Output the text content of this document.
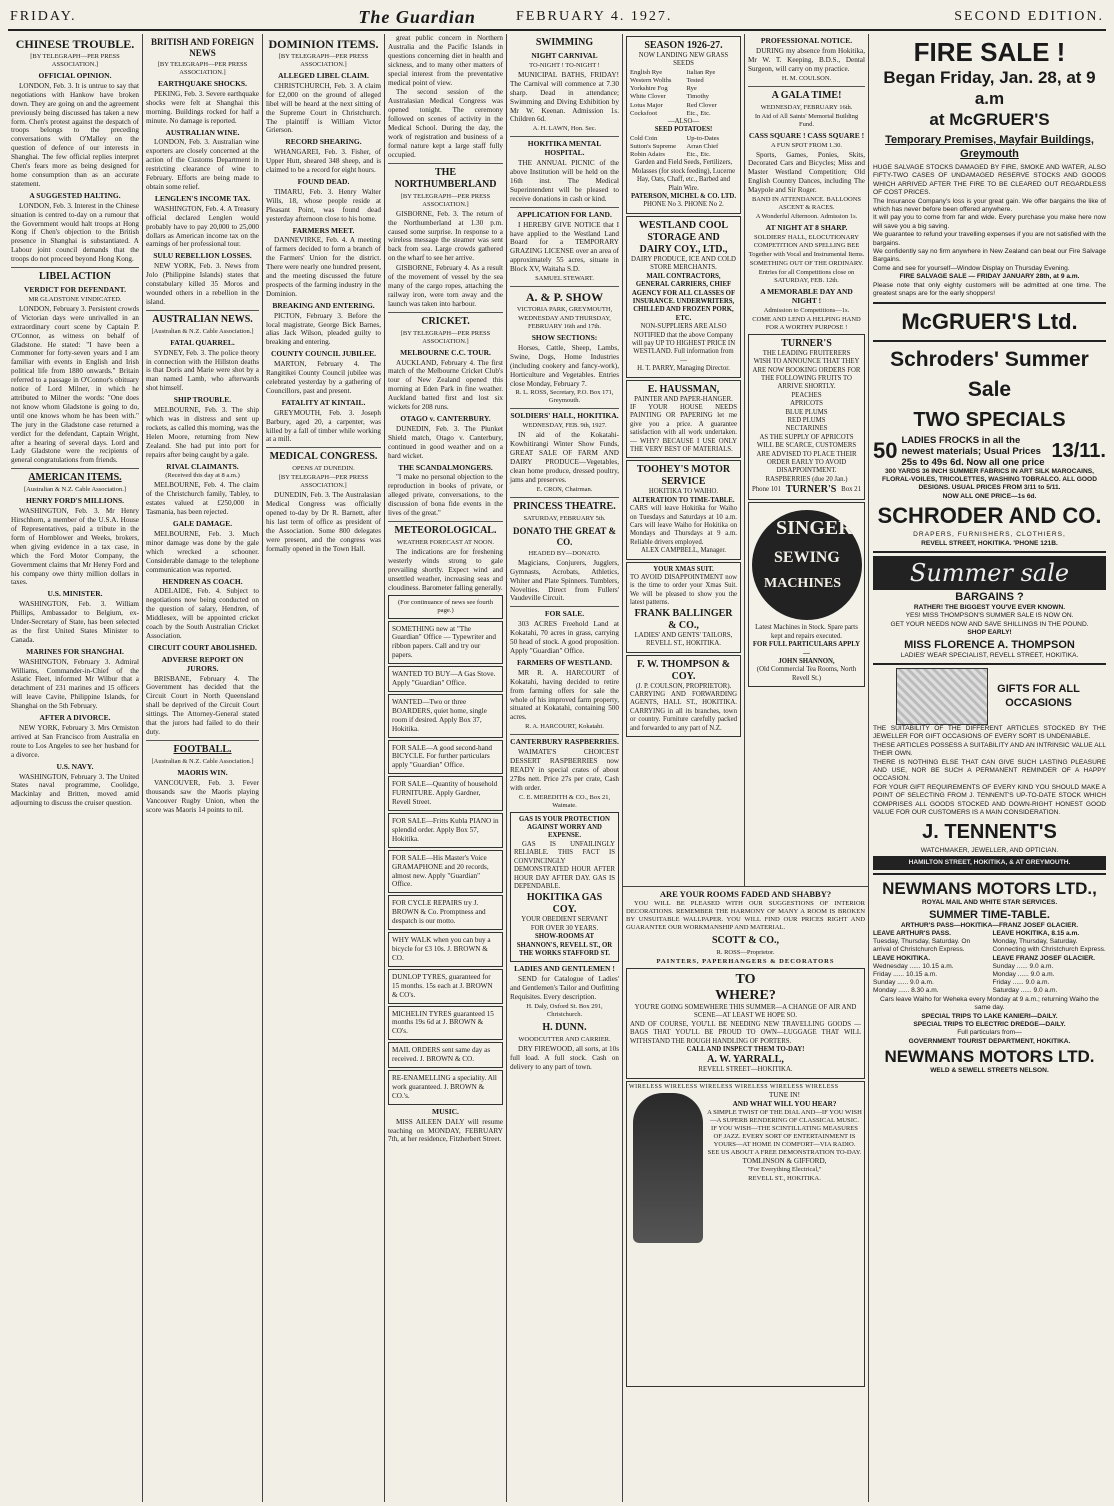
FRIDAY.	The Guardian	FEBRUARY 4. 1927.	SECOND EDITION.
CHINESE TROUBLE.
[BY TELEGRAPH—PER PRESS ASSOCIATION.]
OFFICIAL OPINION.

LONDON, Feb. 3. It is untrue to say that negotiations with Hankow have broken down. They are going on and the agreement previously being discussed has taken a new form. Chen's protest against the despatch of troops belongs to the preceding conversations with O'Malley on the question of defence of our interests in Shanghai. The few official replies interpret Chen's fears more as being designed for home consumption than as an accurate statement.

A SUGGESTED HALTING.

LONDON, Feb. 3. Interest in the Chinese situation is centred to-day on a rumour that the Government would halt troops at Hong Kong if Chen's objection to the British presence in Shanghai is substantiated. A Labour joint council demands that the troops do not proceed beyond Hong Kong.

LIBEL ACTION
VERDICT FOR DEFENDANT.
MR GLADSTONE VINDICATED.

LONDON, February 3. Persistent crowds of Victorian days were unrivalled in an extraordinary court scene by Captain P. O'Connor, as witness on behalf of Gladstone. He stated: "I have been a Commoner for forty-seven years and I am familiar with events in English and Irish political life from 1880 onwards." Britain referred to a passage in O'Connor's obituary notice of Lord Milner, in which he attributed to Milner the words: "One does not know whom Gladstone is going to do, until one knows whom he has been with." The jury in the Gladstone case returned a verdict for the defendant, Captain Wright, after a hearing of several days. Lord and Lady Gladstone were the recipients of general congratulations from friends.

AMERICAN ITEMS.
[Australian & N.Z. Cable Association.]
HENRY FORD'S MILLIONS.

WASHINGTON, Feb. 3. Mr Henry Hirschhorn, a member of the U.S.A. House of Representatives, paid a tribute in the form of Hornblower and Weeks, brokers, when giving evidence in a tax case, in which the Ford Motor Company, the Government claims that Mr Henry Ford and his company owe thirty million dollars in taxes.

U.S. MINISTER.

WASHINGTON, Feb. 3. William Phillips, Ambassador to Belgium, ex-Under-Secretary of State, has been selected as the first United States Minister to Canada.

MARINES FOR SHANGHAI.

WASHINGTON, February 3. Admiral Williams, Commander-in-Chief of the Asiatic Fleet, informed Mr Wilbur that a detachment of 231 marines and 15 officers will leave Cavite, Philippine Islands, for Shanghai on the 5th February.

AFTER A DIVORCE.

NEW YORK, February 3. Mrs Ormiston arrived at San Francisco from Australia en route to Los Angeles to see her husband for a divorce.

U.S. NAVY.

WASHINGTON, February 3. The United States naval programme, Coolidge, Mackinlay and Britten, moved amid adjourning to discuss the cruiser question.

BRITISH AND FOREIGN NEWS
[BY TELEGRAPH—PER PRESS ASSOCIATION.]
EARTHQUAKE SHOCKS.

PEKING, Feb. 3. Severe earthquake shocks were felt at Shanghai this morning. Buildings rocked for half a minute. No damage is reported.

AUSTRALIAN WINE.

LONDON, Feb. 3. Australian wine exporters are closely concerned at the action of the Customs Department in restricting clearance of wine to February. Efforts are being made to obtain some relief.

LENGLEN'S INCOME TAX.

WASHINGTON, Feb. 4. A Treasury official declared Lenglen would probably have to pay 20,000 to 25,000 dollars as American income tax on the earnings of her professional tour.

SULU REBELLION LOSSES.

NEW YORK, Feb. 3. News from Jolo (Philippine Islands) states that constabulary killed 35 Moros and wounded others in a rebellion in the island.

AUSTRALIAN NEWS.
[Australian & N.Z. Cable Association.]
FATAL QUARREL.

SYDNEY, Feb. 3. The police theory in connection with the Hillston deaths is that Doris and Marie were shot by a man named Lamb, who afterwards shot himself.

SHIP TROUBLE.

MELBOURNE, Feb. 3. The ship which was in distress and sent up rockets, as called this morning, was the Helen Moore, returning from New Zealand. She had put into port for repairs after being caught by a gale.

RIVAL CLAIMANTS.
(Received this day at 8 a.m.)

MELBOURNE, Feb. 4. The claim of the Christchurch family, Tabley, to estates valued at £250,000 in Tasmania, has been rejected.

GALE DAMAGE.

MELBOURNE, Feb. 3. Much minor damage was done by the gale which wrecked a schooner. Considerable damage to the telephone communication was reported.

HENDREN AS COACH.

ADELAIDE, Feb. 4. Subject to negotiations now being conducted on the question of salary, Hendren, of Middlesex, will be appointed cricket coach by the South Australian Cricket Association.

CIRCUIT COURT ABOLISHED.
ADVERSE REPORT ON JURORS.

BRISBANE, February 4. The Government has decided that the Circuit Court in North Queensland shall be deprived of the Circuit Court sittings. The Attorney-General stated that the jurors had failed to do their duty.

FOOTBALL.
[Australian & N.Z. Cable Association.]
MAORIS WIN.

VANCOUVER, Feb. 3. Fever thousands saw the Maoris playing Vancouver Rugby Union, when the score was Maoris 14 points to nil.

DOMINION ITEMS.
[BY TELEGRAPH—PER PRESS ASSOCIATION.]
ALLEGED LIBEL CLAIM.

CHRISTCHURCH, Feb. 3. A claim for £2,000 on the ground of alleged libel will be heard at the next sitting of the Supreme Court in Christchurch. The plaintiff is William Victor Grierson.

RECORD SHEARING.

WHANGAREI, Feb. 3. Fisher, of Upper Hutt, sheared 348 sheep, and is claimed to be a record for eight hours.

FOUND DEAD.

TIMARU, Feb. 3. Henry Walter Wills, 18, whose people reside at Pleasant Point, was found dead yesterday afternoon close to his home.

FARMERS MEET.

DANNEVIRKE, Feb. 4. A meeting of farmers decided to form a branch of the Farmers' Union for the district. There were nearly one hundred present, and the meeting discussed the future prospects of the farming industry in the Dominion.

BREAKING AND ENTERING.

PICTON, February 3. Before the local magistrate, George Bick Barnes, alias Jack Wilson, pleaded guilty to breaking and entering.

COUNTY COUNCIL JUBILEE.

MARTON, February 4. The Rangitikei County Council jubilee was celebrated yesterday by a gathering of Councillors, past and present.

FATALITY AT KINTAIL.

GREYMOUTH, Feb. 3. Joseph Barbury, aged 20, a carpenter, was killed by a fall of timber while working at a mill.

MEDICAL CONGRESS.
OPENS AT DUNEDIN.
[BY TELEGRAPH—PER PRESS ASSOCIATION.]

DUNEDIN, Feb. 3. The Australasian Medical Congress was officially opened to-day by Dr R. Barnett, after his last term of office as president of the Association. Some 800 delegates were present, and the congress was formally opened in the Town Hall.

great public concern in Northern Australia and the Pacific Islands in questions concerning diet in health and sickness, and to many other matters of special interest from the preventative medical point of view.

The second session of the Australasian Medical Congress was opened tonight. The ceremony followed on scenes of activity in the Medical School. During the day, the work of registration and business of a formal nature kept a large staff fully occupied.

THE NORTHUMBERLAND
[BY TELEGRAPH—PER PRESS ASSOCIATION.]

GISBORNE, Feb. 3. The return of the Northumberland at 1.30 p.m. caused some surprise. In response to a wireless message the steamer was sent back from sea. Large crowds gathered on the wharf to see her arrive.

GISBORNE, February 4. As a result of the movement of vessel by the sea many of the cargo ropes, attaching the railway iron, were torn away and the launch was taken into harbour.

CRICKET.
[BY TELEGRAPH—PER PRESS ASSOCIATION.]
MELBOURNE C.C. TOUR.

AUCKLAND, February 4. The first match of the Melbourne Cricket Club's tour of New Zealand opened this morning at Eden Park in fine weather. Auckland batted first and lost six wickets for 208 runs.

OTAGO v. CANTERBURY.

DUNEDIN, Feb. 3. The Plunket Shield match, Otago v. Canterbury, continued in good weather and on a hard wicket.

THE SCANDALMONGERS.

"I make no personal objection to the reproduction in books of private, or alleged private, conversations, to the discussion of bona fide events in the lives of the great."

METEOROLOGICAL.
WEATHER FORECAST AT NOON.

The indications are for freshening westerly winds strong to gale prevailing shortly. Expect wind and unsettled weather, increasing seas and cloudiness. Barometer falling generally.

(For continuance of news see fourth page.)
SOMETHING new at "The Guardian" Office — Typewriter and ribbon papers. Call and try our papers.
WANTED TO BUY—A Gas Stove. Apply "Guardian" Office.
WANTED—Two or three BOARDERS, quiet home, single room if desired. Apply Box 37, Hokitika.
FOR SALE—A good second-hand BICYCLE. For further particulars apply "Guardian" Office.
FOR SALE—Quantity of household FURNITURE. Apply Gardner, Revell Street.
FOR SALE—Fritts Kubla PIANO in splendid order. Apply Box 57, Hokitika.
FOR SALE—His Master's Voice GRAMAPHONE and 20 records, almost new. Apply "Guardian" Office.
FOR CYCLE REPAIRS try J. BROWN & Co. Promptness and despatch is our motto.
WHY WALK when you can buy a bicycle for £3 10s. J. BROWN & CO.
DUNLOP TYRES, guaranteed for 15 months. 15s each at J. BROWN & CO's.
MICHELIN TYRES guaranteed 15 months 19s 6d at J. BROWN & CO's.
MAIL ORDERS sent same day as received. J. BROWN & CO.
RE-ENAMELLING a speciality. All work guaranteed. J. BROWN & CO.'s.
MUSIC.

MISS AILEEN DALY will resume teaching on MONDAY, FEBRUARY 7th, at her residence, Fitzherbert Street.

SWIMMING
NIGHT CARNIVAL
TO-NIGHT ! TO-NIGHT !

MUNICIPAL BATHS, FRIDAY! The Carnival will commence at 7.30 sharp. Dead in attendance; Swimming and Diving Exhibition by Mr W. Keenan. Admission 1s. Children 6d.

A. H. LAWN, Hon. Sec.
HOKITIKA MENTAL HOSPITAL.

THE ANNUAL PICNIC of the above Institution will be held on the 16th inst. The Medical Superintendent will be pleased to receive donations in cash or kind.

APPLICATION FOR LAND.

I HEREBY GIVE NOTICE that I have applied to the Westland Land Board for a TEMPORARY GRAZING LICENSE over an area of approximately 55 acres, situate in Block XV, Waitaha S.D.

SAMUEL STEWART.
A. & P. SHOW
VICTORIA PARK, GREYMOUTH,
WEDNESDAY AND THURSDAY, FEBRUARY 16th and 17th.
SHOW SECTIONS:

Horses, Cattle, Sheep, Lambs, Swine, Dogs, Home Industries (including cookery and fancy-work), Horticulture and Vegetables. Entries close Monday, February 7.

R. L. ROSS, Secretary, P.O. Box 171, Greymouth.
SOLDIERS' HALL, HOKITIKA.
WEDNESDAY, FEB. 9th, 1927.

IN aid of the Kokatahi-Kowhitirangi Winter Show Funds, GREAT SALE OF FARM AND DAIRY PRODUCE—Vegetables, clean home produce, dressed poultry, jams and preserves.

E. CRON, Chairman.
PRINCESS THEATRE.
SATURDAY, FEBRUARY 5th.
DONATO THE GREAT & CO.
HEADED BY—DONATO.

Magicians, Conjurers, Jugglers, Gymnasts, Acrobats, Athletics, Whiter and Plate Spinners. Tumblers, Novelties. Direct from Fullers' Vaudeville Circuit.

FOR SALE.

303 ACRES Freehold Land at Kokatahi, 70 acres in grass, carrying 50 head of stock. A good proposition. Apply "Guardian" Office.

FARMERS OF WESTLAND.

MR R. A. HARCOURT of Kokatahi, having decided to retire from farming offers for sale the whole of his improved farm property, situated at Kokatahi, containing 500 acres.

R. A. HARCOURT, Kokatahi.
CANTERBURY RASPBERRIES.

WAIMATE'S CHOICEST DESSERT RASPBERRIES now READY in special crates of about 27lbs nett. Price 27s per crate, Cash with order.

C. E. MEREDITH & CO., Box 21, Waimate.
GAS IS YOUR PROTECTION AGAINST WORRY AND EXPENSE.

GAS IS UNFAILINGLY RELIABLE. THIS FACT IS CONVINCINGLY DEMONSTRATED HOUR AFTER HOUR DAY AFTER DAY. GAS IS DEPENDABLE.

HOKITIKA GAS COY.
YOUR OBEDIENT SERVANT FOR OVER 30 YEARS.
SHOW-ROOMS AT SHANNON'S, REVELL ST., OR THE WORKS STAFFORD ST.
LADIES AND GENTLEMEN !

SEND for Catalogue of Ladies' and Gentlemen's Tailor and Outfitting Requisites. Every description.

H. Daly, Oxford St. Box 291, Christchurch.
H. DUNN.
WOODCUTTER AND CARRIER.

DRY FIREWOOD, all sorts, at 10s full load. A full stock. Cash on delivery to any part of town.

SEASON 1926-27.
NOW LANDING NEW GRASS SEEDS
English Rye	Italian Rye
Western Wolths	Tested
Yorkshire Fog	Rye
White Clover	Timothy
Lotus Major	Red Clover
Cocksfoot	Etc., Etc.
—ALSO—
SEED POTATOES!
Cold Coin	Up-to-Dates
Sutton's Supreme	Arran Chief
Robin Adairs	Etc., Etc.
Garden and Field Seeds, Fertilizers, Molasses (for stock feeding), Lucerne Hay, Oats, Chaff, etc., Barbed and Plain Wire.
PATERSON, MICHEL & CO. LTD.
PHONE No 3. PHONE No 2.
WESTLAND COOL STORAGE AND DAIRY COY., LTD.,
DAIRY PRODUCE, ICE AND COLD STORE MERCHANTS.
MAIL CONTRACTORS, GENERAL CARRIERS, CHIEF AGENCY FOR ALL CLASSES OF INSURANCE. UNDERWRITERS, CHILLED AND FROZEN PORK, ETC.
NON-SUPPLIERS ARE ALSO NOTIFIED that the above Company will pay UP TO HIGHEST PRICE IN WESTLAND. Full information from—
H. T. PARRY, Managing Director.
E. HAUSSMAN,
PAINTER AND PAPER-HANGER.
IF YOUR HOUSE NEEDS PAINTING OR PAPERING let me give you a price. A guarantee satisfaction with all work undertaken. — WHY? BECAUSE I USE ONLY THE VERY BEST OF MATERIALS.
TOOHEY'S MOTOR SERVICE
HOKITIKA TO WAIHO.
ALTERATION TO TIME-TABLE.
CARS will leave Hokitika for Waiho on Tuesdays and Saturdays at 10 a.m. Cars will leave Waiho for Hokitika on Mondays and Thursdays at 9 a.m. Reliable drivers employed.
ALEX CAMPBELL, Manager.
YOUR XMAS SUIT.
TO AVOID DISAPPOINTMENT now is the time to order your Xmas Suit. We will be pleased to show you the latest patterns.
FRANK BALLINGER & CO.,
LADIES' AND GENTS' TAILORS, REVELL ST., HOKITIKA.
F. W. THOMPSON & COY.
(J. P. COULSON, PROPRIETOR).
CARRYING AND FORWARDING AGENTS, HALL ST., HOKITIKA. CARRYING in all its branches, town or country. Furniture carefully packed and forwarded to any part of N.Z.
PROFESSIONAL NOTICE.

DURING my absence from Hokitika, Mr W. T. Keeping, B.D.S., Dental Surgeon, will carry on my practice.

H. M. COULSON.
A GALA TIME!
WEDNESDAY, FEBRUARY 16th.
In Aid of All Saints' Memorial Building Fund.
CASS SQUARE ! CASS SQUARE !
A FUN SPOT FROM 1.30.

Sports, Games, Ponies, Skits, Decorated Cars and Bicycles; Miss and Master Westland Competition; Old English Country Dances, including The Maypole and Sir Roger.

BAND IN ATTENDANCE. BALLOONS ASCENT & RACES.
A Wonderful Afternoon. Admission 1s.
AT NIGHT AT 8 SHARP.
SOLDIERS' HALL, ELOCUTIONARY COMPETITION AND SPELLING BEE
Together with Vocal and Instrumental Items.
SOMETHING OUT OF THE ORDINARY.
Entries for all Competitions close on SATURDAY, FEB. 12th.
A MEMORABLE DAY AND NIGHT !
Admission to Competitions—1s.
COME AND LEND A HELPING HAND FOR A WORTHY PURPOSE !
TURNER'S
THE LEADING FRUITERERS
WISH TO ANNOUNCE THAT THEY ARE NOW BOOKING ORDERS FOR THE FOLLOWING FRUITS TO ARRIVE SHORTLY.
PEACHES
APRICOTS
BLUE PLUMS
RED PLUMS
NECTARINES
AS THE SUPPLY OF APRICOTS WILL BE SCARCE, CUSTOMERS ARE ADVISED TO PLACE THEIR ORDER EARLY TO AVOID DISAPPOINTMENT.
RASPBERRIES (due 20 Jan.)
Phone 101 TURNER'S Box 21
SINGER
SEWING
MACHINES
Latest Machines in Stock. Spare parts kept and repairs executed.
FOR FULL PARTICULARS APPLY—
JOHN SHANNON,
(Old Commercial Tea Rooms, North Revell St.)
ARE YOUR ROOMS FADED AND SHABBY?

YOU WILL BE PLEASED WITH OUR SUGGESTIONS OF INTERIOR DECORATIONS. REMEMBER THE HARMONY OF MANY A ROOM IS BROKEN BY UNSUITABLE WALLPAPER. YOU WILL FIND OUR PRICES RIGHT AND GUARANTEE OUR WORKMANSHIP AND MATERIAL.

SCOTT & CO.,
R. ROSS—Proprietor.
PAINTERS, PAPERHANGERS & DECORATORS
TO
WHERE?
YOU'RE GOING SOMEWHERE THIS SUMMER—A CHANGE OF AIR AND SCENE—AT LEAST WE HOPE SO.
AND OF COURSE, YOU'LL BE NEEDING NEW TRAVELLING GOODS — BAGS THAT YOU'LL BE PROUD TO OWN—LUGGAGE THAT WILL WITHSTAND THE ROUGH HANDLING OF PORTERS.
CALL AND INSPECT THEM TO-DAY!
A. W. YARRALL,
REVELL STREET—HOKITIKA.
WIRELESS WIRELESS WIRELESS WIRELESS WIRELESS WIRELESS
TUNE IN!
AND WHAT WILL YOU HEAR?
A SIMPLE TWIST OF THE DIAL AND—IF YOU WISH—A SUPERB RENDERING OF CLASSICAL MUSIC. IF YOU WISH—THE SCINTILLATING MEASURES OF JAZZ. EVERY SORT OF ENTERTAINMENT IS YOURS—AT HOME IN COMFORT—VIA RADIO.
SEE US ABOUT A FREE DEMONSTRATION TO-DAY.
TOMLINSON & GIFFORD,
"For Everything Electrical,"
REVELL ST., HOKITIKA.
FIRE SALE !
Began Friday, Jan. 28, at 9 a.m
at McGRUER'S
Temporary Premises, Mayfair Buildings, Greymouth
HUGE SALVAGE STOCKS DAMAGED BY FIRE, SMOKE AND WATER, ALSO FIFTY-TWO CASES OF UNDAMAGED RESERVE STOCKS AND GOODS WHICH ARRIVED AFTER THE FIRE TO BE CLEARED OUT REGARDLESS OF COST PRICES.
The Insurance Company's loss is your great gain. We offer bargains the like of which has never before been offered anywhere.
It will pay you to come from far and wide. Every purchase you make here now will save you a big saving.
We guarantee to refund your travelling expenses if you are not satisfied with the bargains.
We confidently say no firm anywhere in New Zealand can beat our Fire Salvage Bargains.
Come and see for yourself—Window Display on Thursday Evening.
FIRE SALVAGE SALE — FRIDAY JANUARY 28th, at 9 a.m.
Please note that only eighty customers will be admitted at one time. The greatest snaps are for the early shoppers!
McGRUER'S Ltd.
Schroders' Summer Sale
TWO SPECIALS
50 LADIES FROCKS in all the newest materials; Usual Prices 25s to 49s 6d. Now all one price 13/11.
300 YARDS 36 INCH SUMMER FABRICS IN ART SILK MAROCAINS, FLORAL-VOILES, TRICOLETTES, WASHING TOBRALCO. ALL GOOD DESIGNS. USUAL PRICES FROM 3/11 to 5/11.
NOW ALL ONE PRICE—1s 6d.
SCHRODER AND CO.
DRAPERS, FURNISHERS, CLOTHIERS,
REVELL STREET, HOKITIKA. 'PHONE 121B.
Summer sale
BARGAINS ?
RATHER! THE BIGGEST YOU'VE EVER KNOWN.
YES! MISS THOMPSON'S SUMMER SALE IS NOW ON.
GET YOUR NEEDS NOW AND SAVE SHILLINGS IN THE POUND.
SHOP EARLY!
MISS FLORENCE A. THOMPSON
LADIES' WEAR SPECIALIST, REVELL STREET, HOKITIKA.
GIFTS FOR ALL OCCASIONS
THE SUITABILITY OF THE DIFFERENT ARTICLES STOCKED BY THE JEWELLER FOR GIFT OCCASIONS OF EVERY SORT IS UNDENIABLE.
THESE ARTICLES POSSESS A SUITABILITY AND AN INTRINSIC VALUE ALL THEIR OWN.
THERE IS NOTHING ELSE THAT CAN GIVE SUCH LASTING PLEASURE AND USE, NOR BE SUCH A PERMANENT REMINDER OF A HAPPY OCCASION.
FOR YOUR GIFT REQUIREMENTS OF EVERY KIND YOU SHOULD MAKE A POINT OF SELECTING FROM J. TENNENT'S UP-TO-DATE STOCK WHICH COMPRISES ALL GOODS STOCKED AND DOWN-RIGHT HONEST GOOD VALUE FOR OUR CUSTOMERS IS A MAIN CONSIDERATION.
J. TENNENT'S
WATCHMAKER, JEWELLER, AND OPTICIAN.
HAMILTON STREET, HOKITIKA, & AT GREYMOUTH.
NEWMANS MOTORS LTD.,
ROYAL MAIL AND WHITE STAR SERVICES.
SUMMER TIME-TABLE.
ARTHUR'S PASS—HOKITIKA—FRANZ JOSEF GLACIER.
LEAVE ARTHUR'S PASS.
Tuesday, Thursday, Saturday. On arrival of Christchurch Express.
LEAVE HOKITIKA, 8.15 a.m.
Monday, Thursday, Saturday. Connecting with Christchurch Express.
LEAVE HOKITIKA.
Wednesday ...... 10.15 a.m.
Friday ...... 10.15 a.m.
Sunday ...... 9.0 a.m.
Monday ...... 8.30 a.m.
LEAVE FRANZ JOSEF GLACIER.
Sunday ...... 9.0 a.m.
Monday ...... 9.0 a.m.
Friday ...... 9.0 a.m.
Saturday ...... 9.0 a.m.
Cars leave Waiho for Weheka every Monday at 9 a.m.; returning Waiho the same day.
SPECIAL TRIPS TO LAKE KANIERI—DAILY.
SPECIAL TRIPS TO ELECTRIC DREDGE—DAILY.
Full particulars from—
GOVERNMENT TOURIST DEPARTMENT, HOKITIKA.
NEWMANS MOTORS LTD.
WELD & SEWELL STREETS NELSON.
